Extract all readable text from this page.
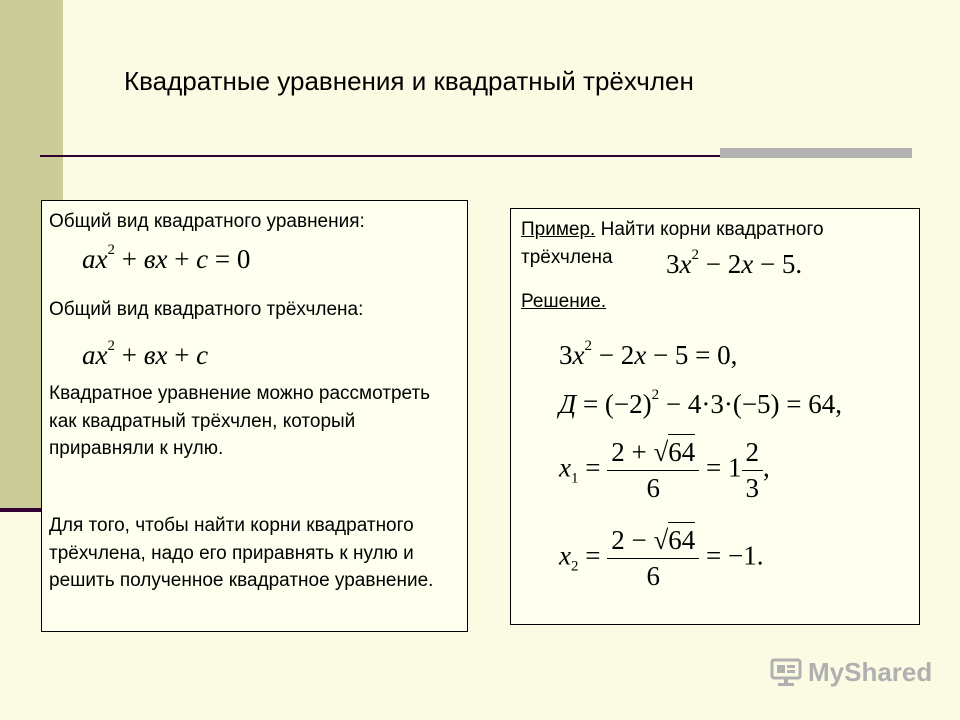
Квадратные уравнения и квадратный трёхчлен
Общий вид квадратного уравнения:
$ax^2$ + вx + c = 0
Общий вид квадратного трёхчлена:
$ax^2$ + вx + c
Квадратное уравнение можно рассмотреть как квадратный трёхчлен, который приравняли к нулю.
Для того, чтобы найти корни квадратного трёхчлена, надо его приравнять к нулю и решить полученное квадратное уравнение.
Пример. Найти корни квадратного
трёхчлена $3x^2 - 2x - 5$.
Решение.
$3x^2 - 2x - 5 = 0$,
$Д = (-2)^2 - 4\cdot 3\cdot(-5) = 64$,
$x_1 = \frac{2 + √64}{6} = 1 \frac{2}{3}$ ,
$x_2 = \frac{2 - √64}{6} = -1$.
MyShared
